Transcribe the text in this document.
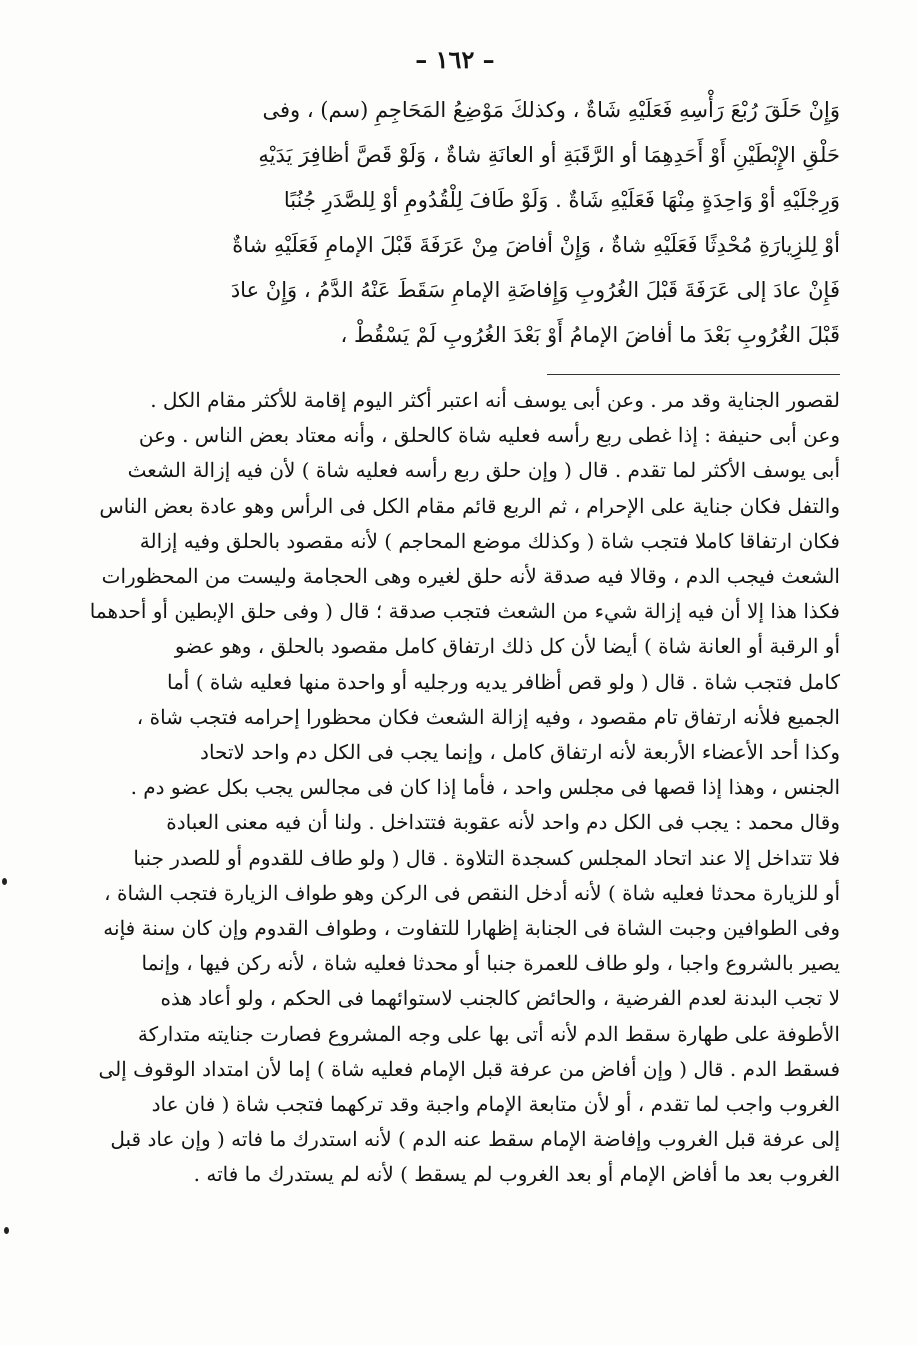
– ١٦٢ –

وَإِنْ حَلَقَ رُبْعَ رَأْسِهِ فَعَلَيْهِ شَاةٌ ، وكذلكَ مَوْضِعُ المَحَاجِمِ (سم) ، وفى

حَلْقِ الإِبْطَيْنِ أَوْ أَحَدِهِمَا أو الرَّقَبَةِ أو العانَةِ شاةٌ ، وَلَوْ قَصَّ أظافِرَ يَدَيْهِ

وَرِجْلَيْهِ أوْ وَاحِدَةٍ مِنْهَا فَعَلَيْهِ شَاةٌ . وَلَوْ طَافَ لِلْقُدُومِ أوْ لِلصَّدَرِ جُنُبًا

أوْ لِلزِيارَةِ مُحْدِثًا فَعَلَيْهِ شاةٌ ، وَإِنْ أفاضَ مِنْ عَرَفَةَ قَبْلَ الإمامِ فَعَلَيْهِ شاةٌ

فَإِنْ عادَ إلى عَرَفَةَ قَبْلَ الغُرُوبِ وَإِفاضَةِ الإمامِ سَقَطَ عَنْهُ الدَّمُ ، وَإِنْ عادَ

قَبْلَ الغُرُوبِ بَعْدَ ما أفاضَ الإمامُ أَوْ بَعْدَ الغُرُوبِ لَمْ يَسْقُطْ ،

لقصور الجناية وقد مر . وعن أبى يوسف أنه اعتبر أكثر اليوم إقامة للأكثر مقام الكل .

وعن أبى حنيفة : إذا غطى ربع رأسه فعليه شاة كالحلق ، وأنه معتاد بعض الناس . وعن

أبى يوسف الأكثر لما تقدم . قال ( وإن حلق ربع رأسه فعليه شاة ) لأن فيه إزالة الشعث

والتفل فكان جناية على الإحرام ، ثم الربع قائم مقام الكل فى الرأس وهو عادة بعض الناس

فكان ارتفاقا كاملا فتجب شاة ( وكذلك موضع المحاجم ) لأنه مقصود بالحلق وفيه إزالة

الشعث فيجب الدم ، وقالا فيه صدقة لأنه حلق لغيره وهى الحجامة وليست من المحظورات

فكذا هذا إلا أن فيه إزالة شيء من الشعث فتجب صدقة ؛ قال ( وفى حلق الإبطين أو أحدهما

أو الرقبة أو العانة شاة ) أيضا لأن كل ذلك ارتفاق كامل مقصود بالحلق ، وهو عضو

كامل فتجب شاة . قال ( ولو قص أظافر يديه ورجليه أو واحدة منها فعليه شاة ) أما

الجميع فلأنه ارتفاق تام مقصود ، وفيه إزالة الشعث فكان محظورا إحرامه فتجب شاة ،

وكذا أحد الأعضاء الأربعة لأنه ارتفاق كامل ، وإنما يجب فى الكل دم واحد لاتحاد

الجنس ، وهذا إذا قصها فى مجلس واحد ، فأما إذا كان فى مجالس يجب بكل عضو دم .

وقال محمد : يجب فى الكل دم واحد لأنه عقوبة فتتداخل . ولنا أن فيه معنى العبادة

فلا تتداخل إلا عند اتحاد المجلس كسجدة التلاوة . قال ( ولو طاف للقدوم أو للصدر جنبا

أو للزيارة محدثا فعليه شاة ) لأنه أدخل النقص فى الركن وهو طواف الزيارة فتجب الشاة ،

وفى الطوافين وجبت الشاة فى الجنابة إظهارا للتفاوت ، وطواف القدوم وإن كان سنة فإنه

يصير بالشروع واجبا ، ولو طاف للعمرة جنبا أو محدثا فعليه شاة ، لأنه ركن فيها ، وإنما

لا تجب البدنة لعدم الفرضية ، والحائض كالجنب لاستوائهما فى الحكم ، ولو أعاد هذه

الأطوفة على طهارة سقط الدم لأنه أتى بها على وجه المشروع فصارت جنايته متداركة

فسقط الدم . قال ( وإن أفاض من عرفة قبل الإمام فعليه شاة ) إما لأن امتداد الوقوف إلى

الغروب واجب لما تقدم ، أو لأن متابعة الإمام واجبة وقد تركهما فتجب شاة ( فان عاد

إلى عرفة قبل الغروب وإفاضة الإمام سقط عنه الدم ) لأنه استدرك ما فاته ( وإن عاد قبل

الغروب بعد ما أفاض الإمام أو بعد الغروب لم يسقط ) لأنه لم يستدرك ما فاته .
